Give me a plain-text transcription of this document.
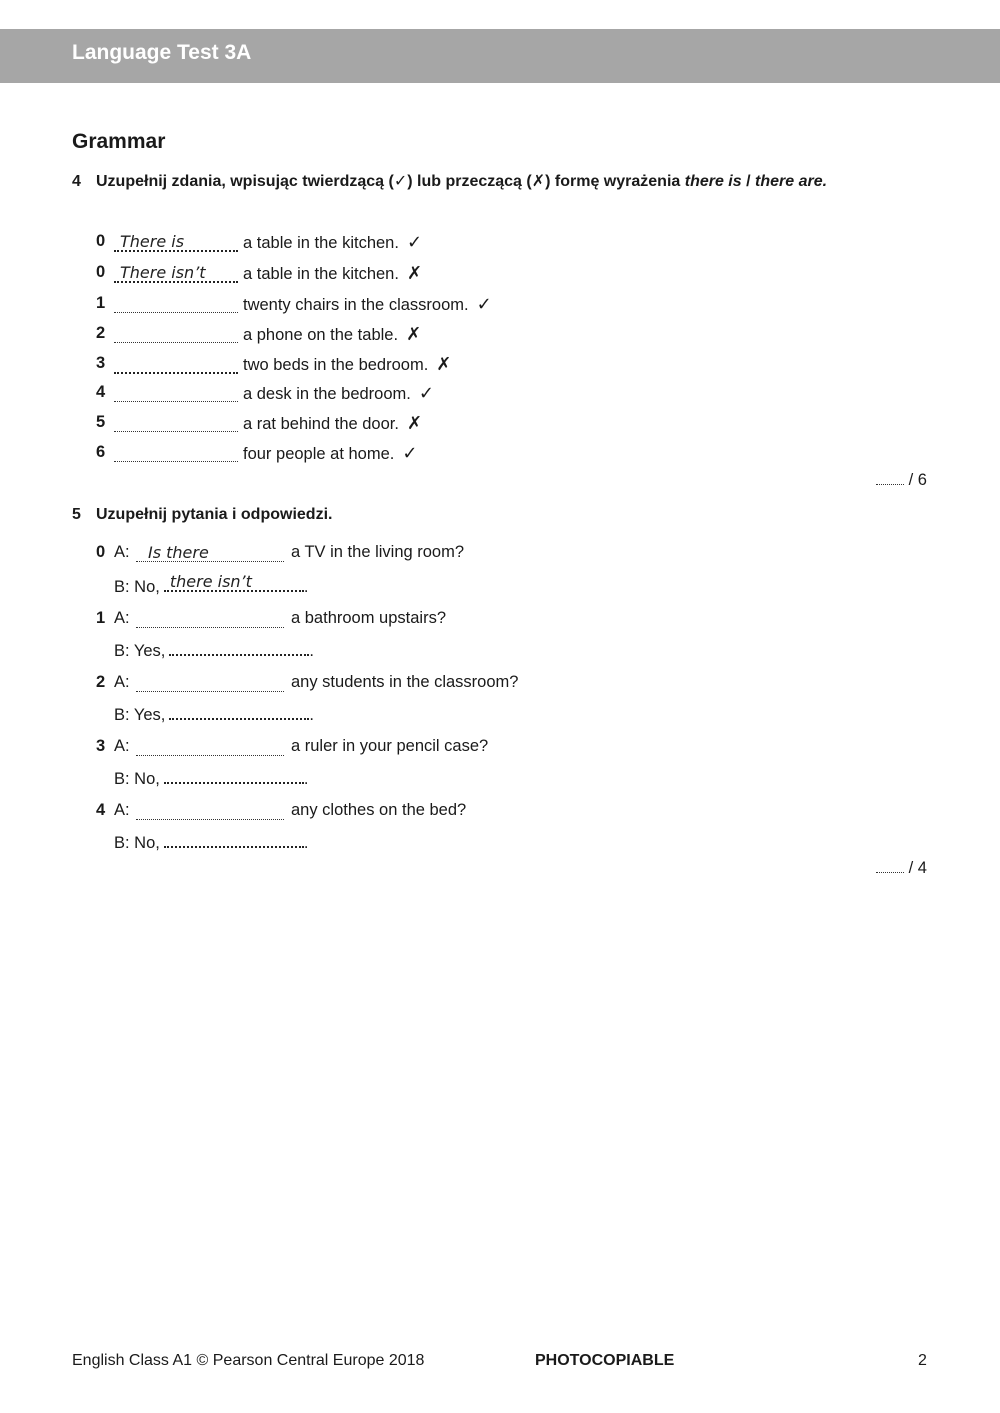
Language Test 3A
Grammar
4 Uzupełnij zdania, wpisując twierdzącą (✓) lub przeczącą (✗) formę wyrażenia there is / there are.
0 There is	a table in the kitchen. ✓
0 There isn’t a table in the kitchen. ✗
1	twenty chairs in the classroom. ✓
2	a phone on the table. ✗
3	two beds in the bedroom. ✗
4	a desk in the bedroom. ✓
5	a rat behind the door. ✗
6	four people at home. ✓
/ 6
5 Uzupełnij pytania i odpowiedzi.
0 A: Is there	a TV in the living room?
B: No, there isn’t	.
1 A:	a bathroom upstairs?
B: Yes,	.
2 A:	any students in the classroom?
B: Yes,	.
3 A:	a ruler in your pencil case?
B: No,	.
4 A:	any clothes on the bed?
B: No,	.
/ 4
English Class A1 © Pearson Central Europe 2018	PHOTOCOPIABLE	2
